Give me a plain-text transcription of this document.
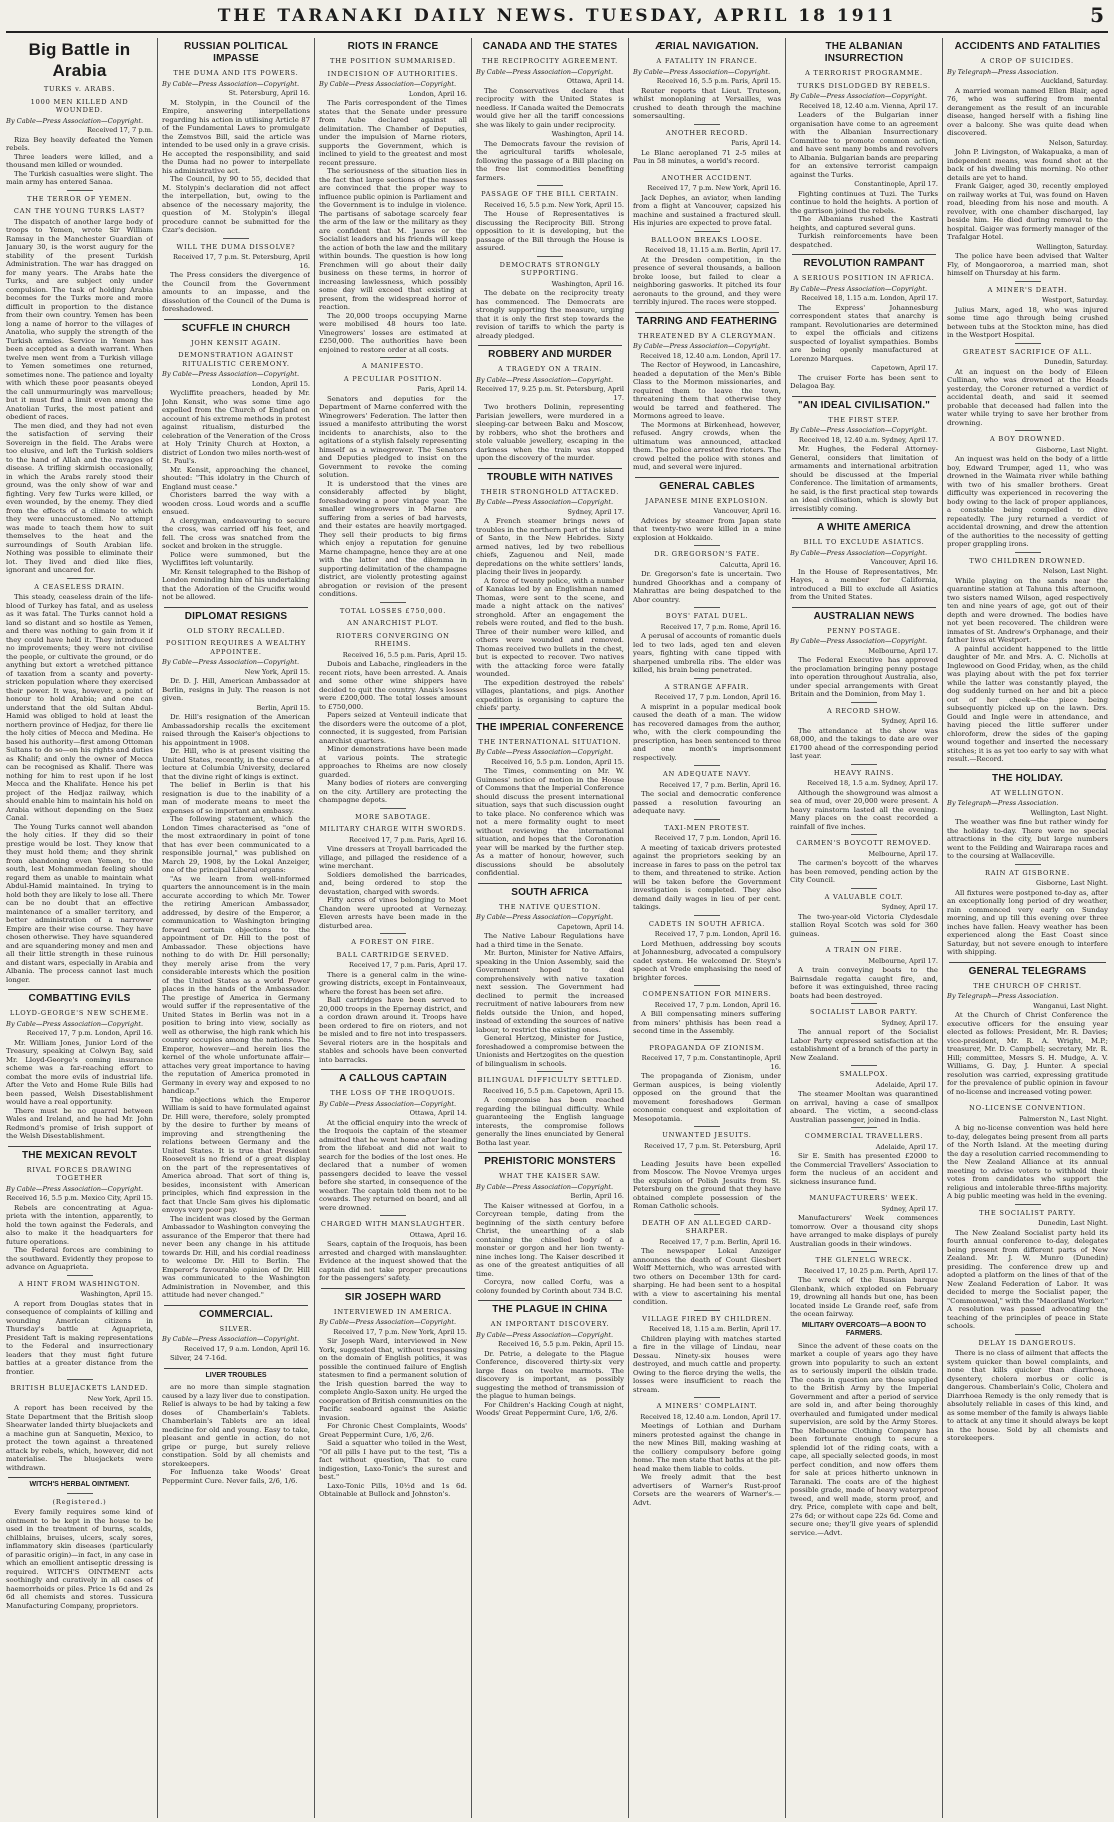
THE TARANAKI DAILY NEWS. TUESDAY, APRIL 18 1911	5
Big Battle in Arabia
TURKS v. ARABS.
1000 MEN KILLED AND WOUNDED.
By Cable—Press Association—Copyright.
Received 17, 7 p.m.

Riza Bey heavily defeated the Yemen rebels.

Three leaders were killed, and a thousand men killed or wounded.

The Turkish casualties were slight. The main army has entered Sanaa.

THE TERROR OF YEMEN.
CAN THE YOUNG TURKS LAST?

The dispatch of another large body of troops to Yemen, wrote Sir William Ramsay in the Manchester Guardian of January 30, is the worst augury for the stability of the present Turkish Administration. The war has dragged on for many years. The Arabs hate the Turks, and are subject only under compulsion. The task of holding Arabia becomes for the Turks more and more difficult in proportion to the distance from their own country. Yemen has been long a name of horror to the villages of Anatolia, who supply the strength of the Turkish armies. Service in Yemen has been accepted as a death warrant. When twelve men went from a Turkish village to Yemen sometimes one returned, sometimes none. The patience and loyalty with which these poor peasants obeyed the call unmurmuringly was marvellous; but it must find a limit even among the Anatolian Turks, the most patient and obedient of races.

The men died, and they had not even the satisfaction of serving their Sovereign in the field. The Arabs were too elusive, and left the Turkish soldiers to the hand of Allah and the ravages of disease. A trifling skirmish occasionally, in which the Arabs rarely stood their ground, was the only show of war and fighting. Very few Turks were killed, or even wounded, by the enemy. They died from the effects of a climate to which they were unaccustomed. No attempt was made to teach them how to suit themselves to the heat and the surroundings of South Arabian life. Nothing was possible to eliminate their lot. They lived and died like flies, ignorant and uncared for.

A CEASELESS DRAIN.

This steady, ceaseless drain of the life-blood of Turkey has fatal, and as useless as it was fatal. The Turks cannot hold a land so distant and so hostile as Yemen, and there was nothing to gain from it if they could have held it. They introduced no improvements; they were not civilise the people, or cultivate the ground, or do anything but extort a wretched pittance of taxation from a scanty and poverty-stricken population where they exercised their power. It was, however, a point of honour to hold Arabia; and one can understand that the old Sultan Abdul-Hamid was obliged to hold at least the northern province of Hedjaz, for there lie the holy cities of Mecca and Medina. He based his authority—first among Ottoman Sultans to do so—on his rights and duties as Khalif; and only the owner of Mecca can be recognised as Khalif. There was nothing for him to rest upon if he lost Mecca and the Khalifate. Hence his pet project of the Hedjaz railway, which should enable him to maintain his hold on Arabia without depending on the Suez Canal.

The Young Turks cannot well abandon the holy cities. If they did so their prestige would be lost. They know that they must hold them; and they shrink from abandoning even Yemen, to the south, lest Mohammedan feeling should regard them as unable to maintain what Abdul-Hamid maintained. In trying to hold both they are likely to lose all. There can be no doubt that an effective maintenance of a smaller territory, and better administration of a narrower Empire are their wise course. They have chosen otherwise. They have squandered and are squandering money and men and all their little strength in these ruinous and distant wars, especially in Arabia and Albania. The process cannot last much longer.

COMBATTING EVILS
LLOYD-GEORGE'S NEW SCHEME.
By Cable—Press Association—Copyright.
Received 17, 7 p.m. London, April 16.

Mr. William Jones, Junior Lord of the Treasury, speaking at Colwyn Bay, said Mr. Lloyd-George's coming insurance scheme was a far-reaching effort to combat the more evils of industrial life. After the Veto and Home Rule Bills had been passed, Welsh Disestablishment would have a real opportunity.

There must be no quarrel between Wales and Ireland, and he had Mr. John Redmond's promise of Irish support of the Welsh Disestablishment.

THE MEXICAN REVOLT
RIVAL FORCES DRAWING TOGETHER
By Cable—Press Association—Copyright.
Received 16, 5.5 p.m. Mexico City, April 15.

Rebels are concentrating at Agua-prieta with the intention, apparently, to hold the town against the Federals, and also to make it the headquarters for future operations.

The Federal forces are combining to the southward. Evidently they propose to advance on Aguaprieta.

A HINT FROM WASHINGTON.
Washington, April 15.

A report from Douglas states that in consequence of complaints of killing and wounding American citizens in Thursday's battle at Aguaprieta, President Taft is making representations to the Federal and insurrectionary leaders that they must fight future battles at a greater distance from the frontier.

BRITISH BLUEJACKETS LANDED.
New York, April 15.

A report has been received by the State Department that the British sloop Shearwater landed thirty bluejackets and a machine gun at Sanquetin, Mexico, to protect the town against a threatened attack by rebels, which, however, did not materialise. The bluejackets were withdrawn.

WITCH'S HERBAL OINTMENT.
(Registered.)

Every family requires some kind of ointment to be kept in the house to be used in the treatment of burns, scalds, chilblains, bruises, ulcers, scaly sores, inflammatory skin diseases (particularly of parasitic origin)—in fact, in any case in which an emollient antiseptic dressing is required. WITCH'S OINTMENT acts soothingly and curatively in all cases of haemorrhoids or piles. Price 1s 6d and 2s 6d all chemists and stores. Tussicura Manufacturing Company, proprietors.

RUSSIAN POLITICAL IMPASSE
THE DUMA AND ITS POWERS.
By Cable—Press Association—Copyright.
St. Petersburg, April 16.

M. Stolypin, in the Council of the Empire, answering interpellations regarding his action in utilising Article 87 of the Fundamental Laws to promulgate the Zemstvos Bill, said the article was intended to be used only in a grave crisis. He accepted the responsibility, and said the Duma had no power to interpellate his administrative act.

The Council, by 90 to 55, decided that M. Stolypin's declaration did not affect the interpellation, but, owing to the absence of the necessary majority, the question of M. Stolypin's illegal procedure cannot be submitted for the Czar's decision.

WILL THE DUMA DISSOLVE?
Received 17, 7 p.m. St. Petersburg, April 16.

The Press considers the divergence of the Council from the Government amounts to an impasse, and the dissolution of the Council of the Duma is foreshadowed.

SCUFFLE IN CHURCH
JOHN KENSIT AGAIN.
DEMONSTRATION AGAINST RITUALISTIC CEREMONY.
By Cable—Press Association—Copyright.
London, April 15.

Wycliffite preachers, headed by Mr. John Kensit, who was some time ago expelled from the Church of England on account of his extreme methods in protest against ritualism, disturbed the celebration of the Veneration of the Cross at Holy Trinity Church at Hoxton, a district of London two miles north-west of St. Paul's.

Mr. Kensit, approaching the chancel, shouted: "This idolatry in the Church of England must cease."

Choristers barred the way with a wooden cross. Loud words and a scuffle ensued.

A clergyman, endeavouring to secure the cross, was carried off his feet, and fell. The cross was snatched from the socket and broken in the struggle.

Police were summoned, but the Wycliffites left voluntarily.

Mr. Kensit telegraphed to the Bishop of London reminding him of his undertaking that the Adoration of the Crucifix would not be allowed.

DIPLOMAT RESIGNS
OLD STORY RECALLED.
POSITION REQUIRES A WEALTHY APPOINTEE.
By Cable—Press Association—Copyright.
New York, April 15.

Dr. D. J. Hill, American Ambassador at Berlin, resigns in July. The reason is not given.

Berlin, April 15.

Dr. Hill's resignation of the American Ambassadorship recalls the excitement raised through the Kaiser's objections to his appointment in 1908.

Dr. Hill, who is at present visiting the United States, recently, in the course of a lecture at Columbia University, declared that the divine right of kings is extinct.

The belief in Berlin is that his resignation is due to the inability of a man of moderate means to meet the expenses of so important an embassy.

The following statement, which the London Times characterised as "one of the most extraordinary in point of tone that has ever been communicated to a responsible journal," was published on March 29, 1908, by the Lokal Anzeiger, one of the principal Liberal organs:

"As we learn from well-informed quarters the announcement is in the main accurate according to which Mr. Tower the retiring American Ambassador, addressed, by desire of the Emperor, a communication to Washington bringing forward certain objections to the appointment of Dr. Hill to the post of Ambassador. These objections have nothing to do with Dr. Hill personally; they merely arise from the very considerable interests which the position of the United States as a world Power places in the hands of the Ambassador. The prestige of America in Germany would suffer if the representative of the United States in Berlin was not in a position to bring into view, socially as well as otherwise, the high rank which his country occupies among the nations. The Emperor, however—and herein lies the kernel of the whole unfortunate affair—attaches very great importance to having the reputation of America promoted in Germany in every way and exposed to no handicap."

The objections which the Emperor William is said to have formulated against Dr. Hill were, therefore, solely prompted by the desire to further by means of improving and strengthening the relations between Germany and the United States. It is true that President Roosevelt is no friend of a great display on the part of the representatives of America abroad. That sort of thing is, besides, inconsistent with American principles, which find expression in the fact that Uncle Sam gives his diplomatic envoys very poor pay.

The incident was closed by the German Ambassador to Washington conveying the assurance of the Emperor that there had never been any change in his attitude towards Dr. Hill, and his cordial readiness to welcome Dr. Hill to Berlin. The Emperor's favourable opinion of Dr. Hill was communicated to the Washington Administration in November, and this attitude had never changed."

COMMERCIAL.
SILVER.
By Cable—Press Association—Copyright.
Received 17, 9 a.m. London, April 16.

Silver, 24 7-16d.

LIVER TROUBLES

are no more than simple stagnation caused by a lazy liver due to constipation. Relief is always to be had by taking a few doses of Chamberlain's Tablets. Chamberlain's Tablets are an ideal medicine for old and young. Easy to take, pleasant and gentle in action, do not gripe or purge, but surely relieve constipation. Sold by all chemists and storekeepers.

For Influenza take Woods' Great Peppermint Cure. Never fails, 2/6, 1/6.

RIOTS IN FRANCE
THE POSITION SUMMARISED.
INDECISION OF AUTHORITIES.
By Cable—Press Association—Copyright.
London, April 16.

The Paris correspondent of the Times states that the Senate under pressure from Aube declared against all delimitation. The Chamber of Deputies, under the impulsion of Marne rioters, supports the Government, which is inclined to yield to the greatest and most recent pressure.

The seriousness of the situation lies in the fact that large sections of the masses are convinced that the proper way to influence public opinion is Parliament and the Government is to indulge in violence. The partisans of sabotage scarcely fear the arm of the law or the military as they are confident that M. Jaures or the Socialist leaders and his friends will keep the action of both the law and the military within bounds. The question is how long Frenchmen will go about their daily business on these terms, in horror of increasing lawlessness, which possibly some day will exceed that existing at present, from the widespread horror of reaction.

The 20,000 troops occupying Marne were mobilised 48 hours too late. Vinegrowers' losses are estimated at £250,000. The authorities have been enjoined to restore order at all costs.

A MANIFESTO.
A PECULIAR POSITION.
Paris, April 14.

Senators and deputies for the Department of Marne conferred with the Winegrowers' Federation. The latter then issued a manifesto attributing the worst incidents to anarchists, also to the agitations of a stylish falsely representing himself as a winegrower. The Senators and Deputies pledged to insist on the Government to revoke the coming solution.

It is understood that the vines are considerably affected by blight, foreshadowing a poor vintage year. The smaller winegrowers in Marne are suffering from a series of bad harvests, and their estates are heavily mortgaged. They sell their products to big firms which enjoy a reputation for genuine Marne champagne, hence they are at one with the latter and the dilemma in supporting delimitation of the champagne district, are violently protesting against abrogation or revision of the present conditions.

TOTAL LOSSES £750,000.
AN ANARCHIST PLOT.
RIOTERS CONVERGING ON RHEIMS.
Received 16, 5.5 p.m. Paris, April 15.

Dubois and Labache, ringleaders in the recent riots, have been arrested. A. Anais and some other wine shippers have decided to quit the country. Anais's losses were £200,000. The total losses amount to £750,000.

Papers seized at Venteuil indicate that the disorders were the outcome of a plot, connected, it is suggested, from Parisian anarchist quarters.

Minor demonstrations have been made at various points. The strategic approaches to Rheims are now closely guarded.

Many bodies of rioters are converging on the city. Artillery are protecting the champagne depots.

MORE SABOTAGE.
MILITARY CHARGE WITH SWORDS.
Received 17, 7 p.m. Paris, April 16.

Vine dressers at Troyall barricaded the village, and pillaged the residence of a wine merchant.

Soldiers demolished the barricades, and, being ordered to stop the devastation, charged with swords.

Fifty acres of vines belonging to Moet Chandon were uprooted at Vernezay. Eleven arrests have been made in the disturbed area.

A FOREST ON FIRE.
BALL CARTRIDGE SERVED.
Received 17, 7 p.m. Paris, April 17.

There is a general calm in the wine-growing districts, except in Fontainveaux, where the forest has been set afire.

Ball cartridges have been served to 20,000 troops in the Epernay district, and a cordon drawn around it. Troops have been ordered to fire on rioters, and not be misled and to fire not into trespassers. Several rioters are in the hospitals and stables and schools have been converted into barracks.

A CALLOUS CAPTAIN
THE LOSS OF THE IROQUOIS.
By Cable—Press Association—Copyright.
Ottawa, April 14.

At the official enquiry into the wreck of the Iroquois the captain of the steamer admitted that he went home after leading from the lifeboat and did not wait to search for the bodies of the lost ones. He declared that a number of women passengers decided to leave the vessel before she started, in consequence of the weather. The captain told them not to be cowards. They returned on board, and all were drowned.

CHARGED WITH MANSLAUGHTER.
Ottawa, April 16.

Sears, captain of the Iroquois, has been arrested and charged with manslaughter. Evidence at the inquest showed that the captain did not take proper precautions for the passengers' safety.

SIR JOSEPH WARD
INTERVIEWED IN AMERICA.
By Cable—Press Association—Copyright.
Received 17, 7 p.m. New York, April 15.

Sir Joseph Ward, interviewed in New York, suggested that, without trespassing on the domain of English politics, it was possible the continued failure of English statesmen to find a permanent solution of the Irish question barred the way to complete Anglo-Saxon unity. He urged the cooperation of British communities on the Pacific seaboard against the Asiatic invasion.

For Chronic Chest Complaints, Woods' Great Peppermint Cure, 1/6, 2/6.

Said a squatter who toiled in the West, "Of all pills I have put to the test, 'Tis a fact without question, That to cure indigestion, Laxo-Tonic's the surest and best."

Laxo-Tonic Pills, 10½d and 1s 6d. Obtainable at Bullock and Johnston's.

CANADA AND THE STATES
THE RECIPROCITY AGREEMENT.
By Cable—Press Association—Copyright.
Ottawa, April 14.

The Conservatives declare that reciprocity with the United States is needless. If Canada waited the Democrats would give her all the tariff concessions she was likely to gain under reciprocity.

Washington, April 14.

The Democrats favour the revision of the agricultural tariffs wholesale, following the passage of a Bill placing on the free list commodities benefiting farmers.

PASSAGE OF THE BILL CERTAIN.
Received 16, 5.5 p.m. New York, April 15.

The House of Representatives is discussing the Reciprocity Bill. Strong opposition to it is developing, but the passage of the Bill through the House is assured.

DEMOCRATS STRONGLY SUPPORTING.
Washington, April 16.

The debate on the reciprocity treaty has commenced. The Democrats are strongly supporting the measure, urging that it is only the first step towards the revision of tariffs to which the party is already pledged.

ROBBERY AND MURDER
A TRAGEDY ON A TRAIN.
By Cable—Press Association—Copyright.
Received 17, 9.25 p.m. St. Petersburg, April 17.

Two brothers Dolinin, representing Parisian jewellers, were murdered in a sleeping-car between Baku and Moscow, by robbers, who shot the brothers and stole valuable jewellery, escaping in the darkness when the train was stopped upon the discovery of the murder.

TROUBLE WITH NATIVES
THEIR STRONGHOLD ATTACKED.
By Cable—Press Association—Copyright.
Sydney, April 17.

A French steamer brings news of troubles in the northern part of the island of Santo, in the New Hebrides. Sixty armed natives, led by two rebellious chiefs, Zaguenou and Neil, made depredations on the white settlers' lands, placing their lives in jeopardy.

A force of twenty police, with a number of Kanakas led by an Englishman named Thomas, were sent to the scene, and made a night attack on the natives' stronghold. After an engagement the rebels were routed, and fled to the bush. Three of their number were killed, and others were wounded and removed. Thomas received two bullets in the chest, but is expected to recover. Two natives with the attacking force were fatally wounded.

The expedition destroyed the rebels' villages, plantations, and pigs. Another expedition is organising to capture the chiefs' party.

THE IMPERIAL CONFERENCE
THE INTERNATIONAL SITUATION.
By Cable—Press Association—Copyright.
Received 16, 5.5 p.m. London, April 15.

The Times, commenting on Mr. W. Guinness' notice of motion in the House of Commons that the Imperial Conference should discuss the present international situation, says that such discussion ought to take place. No conference which was not a mere formality ought to meet without reviewing the international situation, and hopes that the Coronation year will be marked by the further step. As a matter of honour, however, such discussions should be absolutely confidential.

SOUTH AFRICA
THE NATIVE QUESTION.
By Cable—Press Association—Copyright.
Capetown, April 14.

The Native Labour Regulations have had a third time in the Senate.

Mr. Burton, Minister for Native Affairs, speaking in the Union Assembly, said the Government hoped to deal comprehensively with native taxation next session. The Government had declined to permit the increased recruitment of native labourers from new fields outside the Union, and hoped, instead of extending the sources of native labour, to restrict the existing ones.

General Hertzog, Minister for Justice, foreshadowed a compromise between the Unionists and Hertzogites on the question of bilingualism in schools.

BILINGUAL DIFFICULTY SETTLED.
Received 16, 5.5 p.m. Capetown, April 15.

A compromise has been reached regarding the bilingual difficulty. While guaranteeing the English language interests, the compromise follows generally the lines enunciated by General Botha last year.

PREHISTORIC MONSTERS
WHAT THE KAISER SAW.
By Cable—Press Association—Copyright.
Berlin, April 16.

The Kaiser witnessed at Gorfou, in a Corcyrean temple, dating from the beginning of the sixth century before Christ, the unearthing of a slab containing the chiselled body of a monster or gorgon and her lion twenty-nine inches long. The Kaiser described it as one of the greatest antiquities of all time.

Corcyra, now called Corfu, was a colony founded by Corinth about 734 B.C.

THE PLAGUE IN CHINA
AN IMPORTANT DISCOVERY.
By Cable—Press Association—Copyright.
Received 16, 5.5 p.m. Pekin, April 15.

Dr. Petrie, a delegate to the Plague Conference, discovered thirty-six very large fleas on twelve marmots. The discovery is important, as possibly suggesting the method of transmission of the plague to human beings.

For Children's Hacking Cough at night, Woods' Great Peppermint Cure, 1/6, 2/6.

ÆRIAL NAVIGATION.
A FATALITY IN FRANCE.
By Cable—Press Association—Copyright.
Received 16, 5.5 p.m. Paris, April 15.

Reuter reports that Lieut. Truteson, whilst monoplaning at Versailles, was crushed to death through the machine somersaulting.

ANOTHER RECORD.
Paris, April 14.

Le Blanc aeroplaned 71 2-5 miles at Pau in 58 minutes, a world's record.

ANOTHER ACCIDENT.
Received 17, 7 p.m. New York, April 16.

Jack Dephes, an aviator, when landing from a flight at Vancouver, capsized his machine and sustained a fractured skull. His injuries are expected to prove fatal.

BALLOON BREAKS LOOSE.
Received 18, 11.15 a.m. Berlin, April 17.

At the Dresden competition, in the presence of several thousands, a balloon broke loose, but failed to clear a neighboring gasworks. It pitched its four aeronauts to the ground, and they were terribly injured. The races were stopped.

TARRING AND FEATHERING
THREATENED BY A CLERGYMAN.
By Cable—Press Association—Copyright.
Received 18, 12.40 a.m. London, April 17.

The Rector of Heywood, in Lancashire, headed a deputation of the Men's Bible Class to the Mormon missionaries, and required them to leave the town, threatening them that otherwise they would be tarred and feathered. The Mormons agreed to leave.

The Mormons at Birkenhead, however, refused. Angry crowds, when the ultimatum was announced, attacked them. The police arrested five rioters. The crowd pelted the police with stones and mud, and several were injured.

GENERAL CABLES
JAPANESE MINE EXPLOSION.
Vancouver, April 16.

Advices by steamer from Japan state that twenty-two were killed in a mine explosion at Hokkaido.

DR. GREGORSON'S FATE.
Calcutta, April 16.

Dr. Gregorson's fate is uncertain. Two hundred Ghoorkhas and a company of Mahrattas are being despatched to the Abor country.

BOYS' FATAL DUEL.
Received 17, 7 p.m. Rome, April 16.

A perusal of accounts of romantic duels led to two lads, aged ten and eleven years, fighting with cane tipped with sharpened umbrella ribs. The elder was killed, his brain being penetrated.

A STRANGE AFFAIR.
Received 17, 7 p.m. London, April 16.

A misprint in a popular medical book caused the death of a man. The widow has recovered damages from the author, who, with the clerk compounding the prescription, has been sentenced to three and one month's imprisonment respectively.

AN ADEQUATE NAVY.
Received 17, 7 p.m. Berlin, April 16.

The social and democratic conference passed a resolution favouring an adequate navy.

TAXI-MEN PROTEST.
Received 17, 7 p.m. London, April 16.

A meeting of taxicab drivers protested against the proprietors seeking by an increase in fares to pass on the petrol tax to them, and threatened to strike. Action will be taken before the Government investigation is completed. They also demand daily wages in lieu of per cent. takings.

CADETS IN SOUTH AFRICA.
Received 17, 7 p.m. London, April 16.

Lord Methuen, addressing boy scouts at Johannesburg, advocated a compulsory cadet system. He welcomed Dr. Steyn's speech at Vrede emphasising the need of brighter forces.

COMPENSATION FOR MINERS.
Received 17, 7 p.m. London, April 16.

A Bill compensating miners suffering from miners' phthisis has been read a second time in the Assembly.

PROPAGANDA OF ZIONISM.
Received 17, 7 p.m. Constantinople, April 16.

The propaganda of Zionism, under German auspices, is being violently opposed on the ground that the movement foreshadows German economic conquest and exploitation of Mesopotamia.

UNWANTED JESUITS.
Received 17, 7 p.m. St. Petersburg, April 16.

Leading Jesuits have been expelled from Moscow. The Novoe Vremya urges the expulsion of Polish Jesuits from St. Petersburg on the ground that they have obtained complete possession of the Roman Catholic schools.

DEATH OF AN ALLEGED CARD-SHARPER.
Received 17, 7 p.m. Berlin, April 16.

The newspaper Lokal Anzeiger announces the death of Count Giesbert Wolff Metternich, who was arrested with two others on December 13th for card-sharping. He had been sent to a hospital with a view to ascertaining his mental condition.

VILLAGE FIRED BY CHILDREN.
Received 18, 1.15 a.m. Berlin, April 17.

Children playing with matches started a fire in the village of Lindau, near Dessau. Ninety-six houses were destroyed, and much cattle and property. Owing to the fierce drying the wells, the losses were insufficient to reach the stream.

A MINERS' COMPLAINT.
Received 18, 12.40 a.m. London, April 17.

Meetings of Lothian and Durham miners protested against the change in the new Mines Bill, making washing at the colliery compulsory before going home. The men state that baths at the pit-head make them liable to colds.

We freely admit that the best advertisers of Warner's Rust-proof Corsets are the wearers of Warner's.—Advt.

THE ALBANIAN INSURRECTION
A TERRORIST PROGRAMME.
TURKS DISLODGED BY REBELS.
By Cable—Press Association—Copyright.
Received 18, 12.40 a.m. Vienna, April 17.

Leaders of the Bulgarian inner organisation have come to an agreement with the Albanian Insurrectionary Committee to promote common action, and have sent many bombs and revolvers to Albania. Bulgarian bands are preparing for an extensive terrorist campaign against the Turks.

Constantinople, April 17.

Fighting continues at Tuzi. The Turks continue to hold the heights. A portion of the garrison joined the rebels.

The Albanians rushed the Kastrati heights, and captured several guns.

Turkish reinforcements have been despatched.

REVOLUTION RAMPANT
A SERIOUS POSITION IN AFRICA.
By Cable—Press Association—Copyright.
Received 18, 1.15 a.m. London, April 17.

The Express' Johannesburg correspondent states that anarchy is rampant. Revolutionaries are determined to expel the officials and citizens suspected of loyalist sympathies. Bombs are being openly manufactured at Lorenzo Marques.

Capetown, April 17.

The cruiser Forte has been sent to Delagoa Bay.

"AN IDEAL CIVILISATION."
THE FIRST STEP.
By Cable—Press Association—Copyright.
Received 18, 12.40 a.m. Sydney, April 17.

Mr. Hughes, the Federal Attorney-General, considers that limitation of armaments and international arbitration should be discussed at the Imperial Conference. The limitation of armaments, he said, is the first practical step towards an ideal civilisation, which is slowly but irresistibly coming.

A WHITE AMERICA
BILL TO EXCLUDE ASIATICS.
By Cable—Press Association—Copyright.
Vancouver, April 16.

In the House of Representatives, Mr. Hayes, a member for California, introduced a Bill to exclude all Asiatics from the United States.

AUSTRALIAN NEWS
PENNY POSTAGE.
By Cable—Press Association—Copyright.
Melbourne, April 17.

The Federal Executive has approved the proclamation bringing penny postage into operation throughout Australia, also, under special arrangements with Great Britain and the Dominion, from May 1.

A RECORD SHOW.
Sydney, April 16.

The attendance at the show was 68,000, and the takings to date are over £1700 ahead of the corresponding period last year.

HEAVY RAINS.
Received 18, 1.5 a.m. Sydney, April 17.

Although the showground was almost a sea of mud, over 20,000 were present. A heavy rainstorm lasted all the evening. Many places on the coast recorded a rainfall of five inches.

CARMEN'S BOYCOTT REMOVED.
Melbourne, April 17.

The carmen's boycott of the wharves has been removed, pending action by the City Council.

A VALUABLE COLT.
Sydney, April 17.

The two-year-old Victoria Clydesdale stallion Royal Scotch was sold for 360 guineas.

A TRAIN ON FIRE.
Melbourne, April 17.

A train conveying boats to the Bairnsdale regatta caught fire, and, before it was extinguished, three racing boats had been destroyed.

SOCIALIST LABOR PARTY.
Sydney, April 17.

The annual report of the Socialist Labor Party expressed satisfaction at the establishment of a branch of the party in New Zealand.

SMALLPOX.
Adelaide, April 17.

The steamer Mooltan was quarantined on arrival, having a case of smallpox aboard. The victim, a second-class Australian passenger, joined in India.

COMMERCIAL TRAVELLERS.
Adelaide, April 17.

Sir E. Smith has presented £2000 to the Commercial Travellers' Association to form the nucleus of an accident and sickness insurance fund.

MANUFACTURERS' WEEK.
Sydney, April 17.

Manufacturers' Week commences tomorrow. Over a thousand city shops have arranged to make displays of purely Australian goods in their windows.

THE GLENELG WRECK.
Received 17, 10.25 p.m. Perth, April 17.

The wreck of the Russian barque Glenbank, which exploded on February 19, drowning all hands but one, has been located inside Le Grande reef, safe from the ocean fairway.

MILITARY OVERCOATS—A BOON TO FARMERS.

Since the advent of these coats on the market a couple of years ago they have grown into popularity to such an extent as to seriously imperil the oilskin trade. The coats in question are those supplied to the British Army by the Imperial Government and after a period of service are sold in, and after being thoroughly overhauled and fumigated under medical supervision, are sold by the Army Stores. The Melbourne Clothing Company has been fortunate enough to secure a splendid lot of the riding coats, with a cape, all specially selected goods, in most perfect condition, and now offers them for sale at prices hitherto unknown in Taranaki. The coats are of the highest possible grade, made of heavy waterproof tweed, and well made, storm proof, and dry. Price, complete with cape and belt, 27s 6d; or without cape 22s 6d. Come and secure one; they'll give years of splendid service.—Advt.

ACCIDENTS AND FATALITIES
A CROP OF SUICIDES.
By Telegraph—Press Association.
Auckland, Saturday.

A married woman named Ellen Blair, aged 76, who was suffering from mental derangement as the result of an incurable disease, hanged herself with a fishing line over a balcony. She was quite dead when discovered.

Nelson, Saturday.

John P. Livingston, of Wakapuaka, a man of independent means, was found shot at the back of his dwelling this morning. No other details are yet to hand.

Frank Gaiger, aged 30, recently employed on railway works at Tui, was found on Haven road, bleeding from his nose and mouth. A revolver, with one chamber discharged, lay beside him. He died during removal to the hospital. Gaiger was formerly manager of the Trafalgar Hotel.

Wellington, Saturday.

The police have been advised that Walter Fly, of Mongaororoa, a married man, shot himself on Thursday at his farm.

A MINER'S DEATH.
Westport, Saturday.

Julius Marx, aged 18, who was injured some time ago through being crushed between tubs at the Stockton mine, has died in the Westport Hospital.

GREATEST SACRIFICE OF ALL.
Dunedin, Saturday.

At an inquest on the body of Eileen Cullinan, who was drowned at the Heads yesterday, the Coroner returned a verdict of accidental death, and said it seemed probable that deceased had fallen into the water while trying to save her brother from drowning.

A BOY DROWNED.
Gisborne, Last Night.

An inquest was held on the body of a little boy, Edward Trumper, aged 11, who was drowned in the Waimata river while bathing with two of his smaller brothers. Great difficulty was experienced in recovering the body owing to the lack of proper appliances, a constable being compelled to dive repeatedly. The jury returned a verdict of accidental drowning, and drew the attention of the authorities to the necessity of getting proper grappling irons.

TWO CHILDREN DROWNED.
Nelson, Last Night.

While playing on the sands near the quarantine station at Tahuna this afternoon, two sisters named Wilson, aged respectively ten and nine years of age, got out of their depth and were drowned. The bodies have not yet been recovered. The children were inmates of St. Andrew's Orphanage, and their father lives at Westport.

A painful accident happened to the little daughter of Mr. and Mrs. A. C. Nicholls at Inglewood on Good Friday, when, as the child was playing about with the pet fox terrier while the latter was constantly played, the dog suddenly turned on her and bit a piece out of her cheek—the piece being subsequently picked up on the lawn. Drs. Gould and Ingle were in attendance, and having pieced the little sufferer under chloroform, drew the sides of the gaping wound together and inserted the necessary stitches; it is as yet too early to say with what result.—Record.

THE HOLIDAY.
AT WELLINGTON.
By Telegraph—Press Association.
Wellington, Last Night.

The weather was fine but rather windy for the holiday to-day. There were no special attractions in the city, but large numbers went to the Feilding and Wairarapa races and to the coursing at Wallaceville.

RAIN AT GISBORNE.
Gisborne, Last Night.

All fixtures were postponed to-day as, after an exceptionally long period of dry weather, rain commenced very early on Sunday morning, and up till this evening over three inches have fallen. Heavy weather has been experienced along the East Coast since Saturday, but not severe enough to interfere with shipping.

GENERAL TELEGRAMS
THE CHURCH OF CHRIST.
By Telegraph—Press Association.
Wanganui, Last Night.

At the Church of Christ Conference the executive officers for the ensuing year elected as follows: President, Mr. R. Davies; vice-president, Mr. R. A. Wright, M.P.; treasurer, Mr. D. Campbell; secretary, Mr. R. Hill; committee, Messrs S. H. Mudge, A. V. Williams, G. Day, J. Hunter. A special resolution was carried, expressing gratitude for the prevalence of public opinion in favour of no-license and increased voting power.

NO-LICENSE CONVENTION.
Palmerston N., Last Night.

A big no-license convention was held here to-day, delegates being present from all parts of the North Island. At the meeting during the day a resolution carried recommending to the New Zealand Alliance at its annual meeting to advise voters to withhold their votes from candidates who support the religious and intolerable three-fifths majority. A big public meeting was held in the evening.

THE SOCIALIST PARTY.
Dunedin, Last Night.

The New Zealand Socialist party held its fourth annual conference to-day, delegates being present from different parts of New Zealand. Mr. J. W. Munro (Dunedin) presiding. The conference drew up and adopted a platform on the lines of that of the New Zealand Federation of Labor. It was decided to merge the Socialist paper, the "Commonweal," with the "Maoriland Worker." A resolution was passed advocating the teaching of the principles of peace in State schools.

DELAY IS DANGEROUS.

There is no class of ailment that affects the system quicker than bowel complaints, and none that kills quicker than diarrhoea, dysentery, cholera morbus or colic is dangerous. Chamberlain's Colic, Cholera and Diarrhoea Remedy is the only remedy that is absolutely reliable in cases of this kind, and as some member of the family is always liable to attack at any time it should always be kept in the house. Sold by all chemists and storekeepers.
